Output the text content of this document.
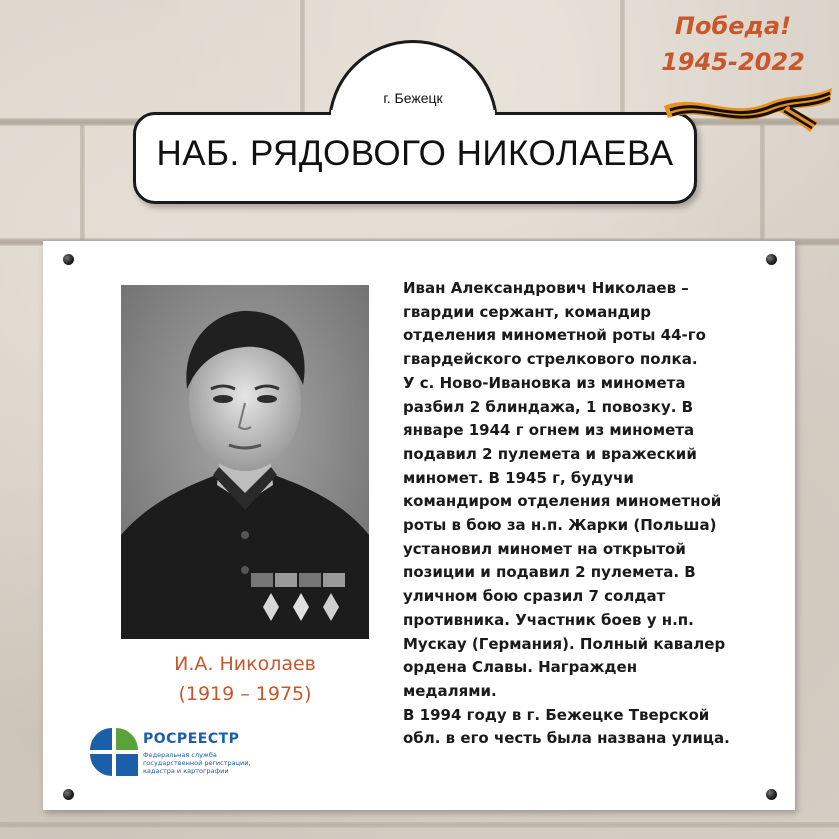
г. Бежецк
НАБ. РЯДОВОГО НИКОЛАЕВА
Победа!
1945-2022
И.А. Николаев
(1919 – 1975)
РОСРЕЕСТР
Федеральная служба
государственной регистрации,
кадастра и картографии
Иван Александрович Николаев –
гвардии сержант, командир
отделения минометной роты 44-го
гвардейского стрелкового полка.
У с. Ново-Ивановка из миномета
разбил 2 блиндажа, 1 повозку. В
январе 1944 г огнем из миномета
подавил 2 пулемета и вражеский
миномет. В 1945 г, будучи
командиром отделения минометной
роты в бою за н.п. Жарки (Польша)
установил миномет на открытой
позиции и подавил 2 пулемета. В
уличном бою сразил 7 солдат
противника. Участник боев у н.п.
Мускау (Германия). Полный кавалер
ордена Славы. Награжден
медалями.
В 1994 году в г. Бежецке Тверской
обл. в его честь была названа улица.
